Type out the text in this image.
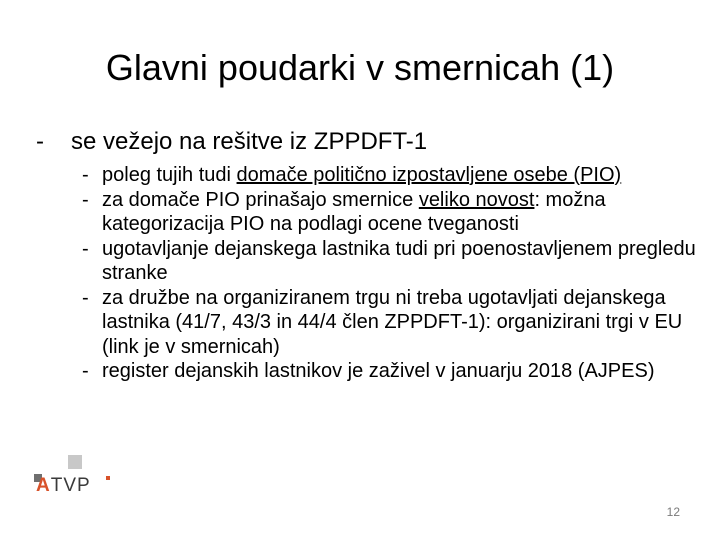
Glavni poudarki v smernicah (1)
- se vežejo na rešitve iz ZPPDFT-1
- poleg tujih tudi domače politično izpostavljene osebe (PIO)
- za domače PIO prinašajo smernice veliko novost: možna kategorizacija PIO na podlagi ocene tveganosti
- ugotavljanje dejanskega lastnika tudi pri poenostavljenem pregledu stranke
- za družbe na organiziranem trgu ni treba ugotavljati dejanskega lastnika (41/7, 43/3 in 44/4 člen ZPPDFT-1): organizirani trgi v EU (link je v smernicah)
- register dejanskih lastnikov je zaživel v januarju 2018 (AJPES)
ATVP
12
